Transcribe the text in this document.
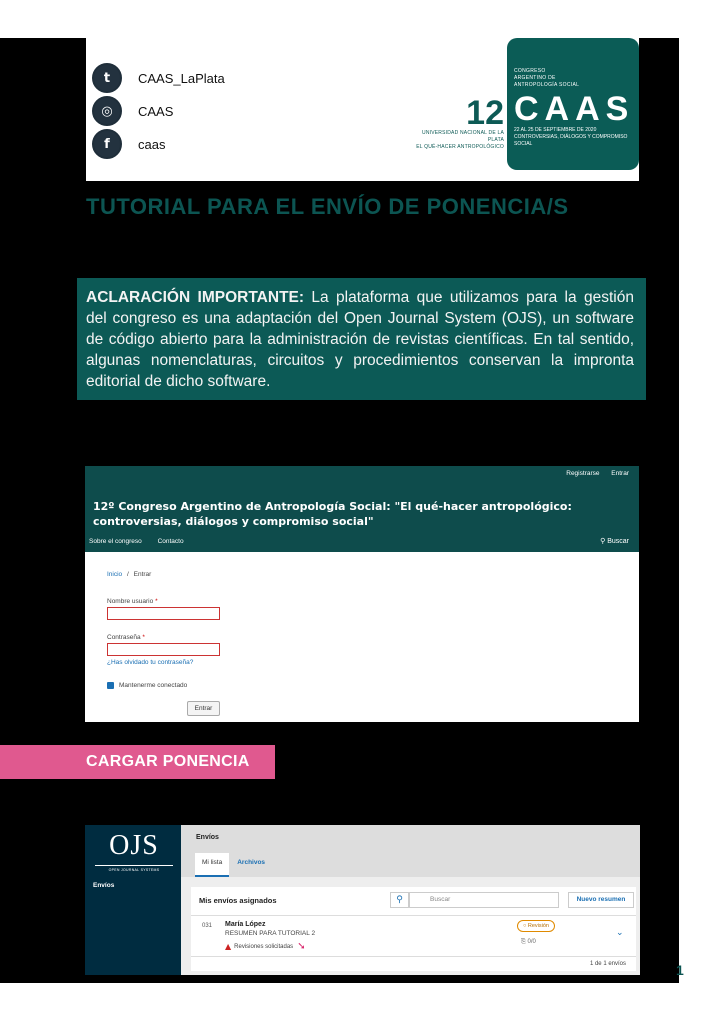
t	CAAS_LaPlata
◎	CAAS
f	caas
12
UNIVERSIDAD NACIONAL DE LA PLATA
EL QUÉ-HACER ANTROPOLÓGICO
CONGRESO
ARGENTINO DE
ANTROPOLOGÍA SOCIAL
CAAS
22 AL 25 DE SEPTIEMBRE DE 2020
CONTROVERSIAS, DIÁLOGOS Y COMPROMISO SOCIAL
TUTORIAL PARA EL ENVÍO DE PONENCIA/S
ACLARACIÓN IMPORTANTE: La plataforma que utilizamos para la gestión del congreso es una adaptación del Open Journal System (OJS), un software de código abierto para la administración de revistas científicas. En tal sentido, algunas nomenclaturas, circuitos y procedimientos conservan la impronta editorial de dicho software.
Registrarse Entrar
12º Congreso Argentino de Antropología Social: "El qué-hacer antropológico: controversias, diálogos y compromiso social"
Sobre el congreso Contacto	⚲ Buscar
Inicio / Entrar
Nombre usuario *
Contraseña *
¿Has olvidado tu contraseña?
Mantenerme conectado
Entrar
CARGAR PONENCIA
OJS
OPEN JOURNAL SYSTEMS
Envíos
Envíos
Mi lista	Archivos
Mis envíos asignados	⚲	Buscar	Nuevo resumen
031 María López
RESUMEN PARA TUTORIAL 2
▲ Revisiones solicitadas ➘
○ Revisión
⎘ 0/0
⌄
1 de 1 envíos	1
